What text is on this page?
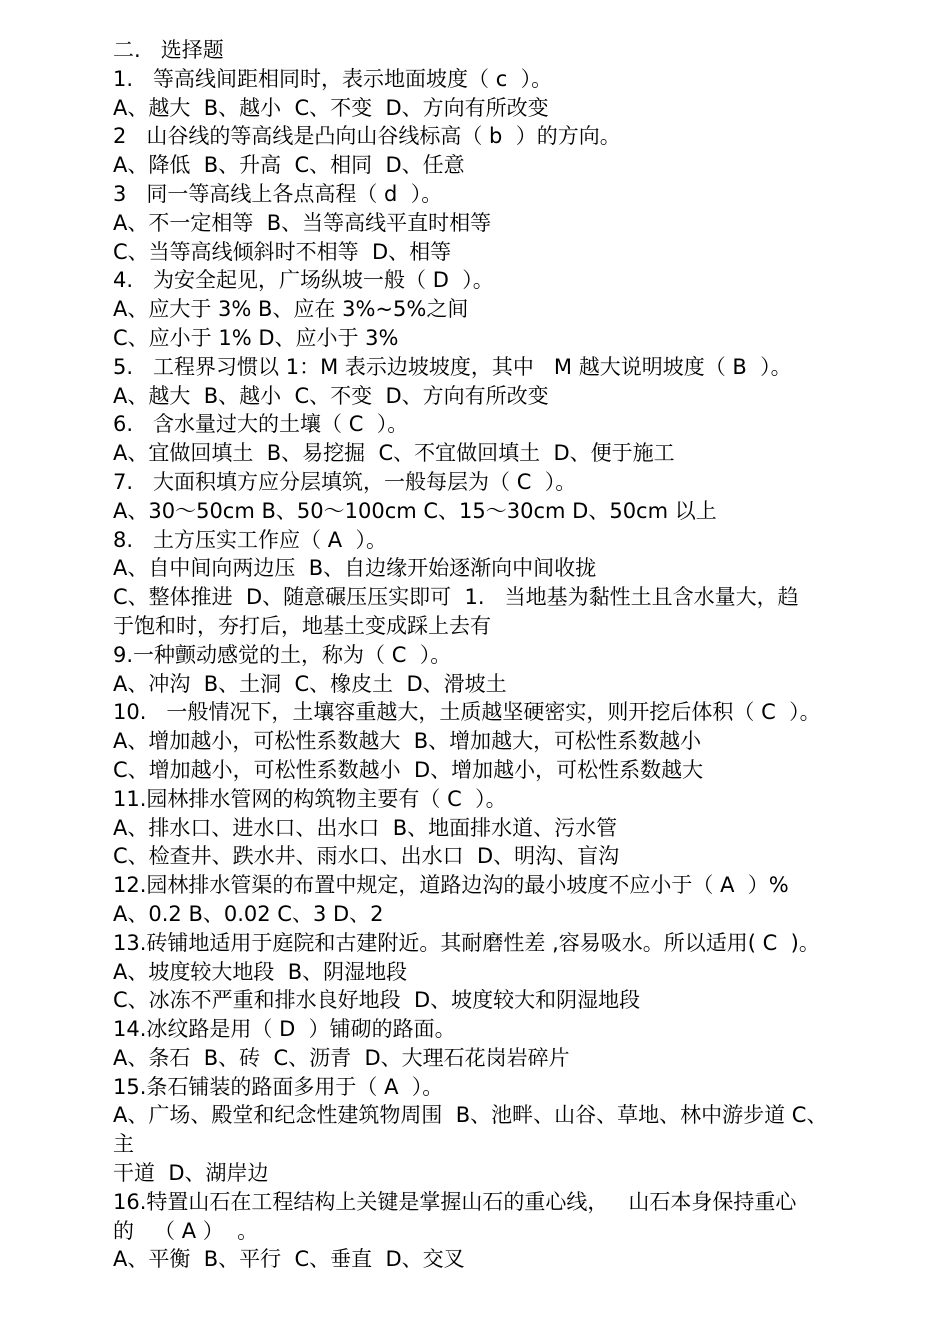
二.   选择题
1.   等高线间距相同时，表示地面坡度（ c  ）。
A、越大  B、越小  C、不变  D、方向有所改变
2   山谷线的等高线是凸向山谷线标高（ b  ）的方向。
A、降低  B、升高  C、相同  D、任意
3   同一等高线上各点高程（ d  ）。
A、不一定相等  B、当等高线平直时相等
C、当等高线倾斜时不相等  D、相等
4.   为安全起见，广场纵坡一般（ D  ）。
A、应大于 3% B、应在 3%~5%之间
C、应小于 1% D、应小于 3%
5.   工程界习惯以 1：M 表示边坡坡度，其中   M 越大说明坡度（ B  ）。
A、越大  B、越小  C、不变  D、方向有所改变
6.   含水量过大的土壤（ C  ）。
A、宜做回填土  B、易挖掘  C、不宜做回填土  D、便于施工
7.   大面积填方应分层填筑，一般每层为（ C  ）。
A、30～50cm B、50～100cm C、15～30cm D、50cm 以上
8.   土方压实工作应（ A  ）。
A、自中间向两边压  B、自边缘开始逐渐向中间收拢
C、整体推进  D、随意碾压压实即可  1.   当地基为黏性土且含水量大，趋
于饱和时，夯打后，地基土变成踩上去有
9.一种颤动感觉的土，称为（ C  ）。
A、冲沟  B、土洞  C、橡皮土  D、滑坡土
10.   一般情况下，土壤容重越大，土质越坚硬密实，则开挖后体积（ C  ）。
A、增加越小，可松性系数越大  B、增加越大，可松性系数越小
C、增加越小，可松性系数越小  D、增加越小，可松性系数越大
11.园林排水管网的构筑物主要有（ C  ）。
A、排水口、进水口、出水口  B、地面排水道、污水管
C、检查井、跌水井、雨水口、出水口  D、明沟、盲沟
12.园林排水管渠的布置中规定，道路边沟的最小坡度不应小于（ A  ）%
A、0.2 B、0.02 C、3 D、2
13.砖铺地适用于庭院和古建附近。其耐磨性差 ,容易吸水。所以适用( C  )。
A、坡度较大地段  B、阴湿地段
C、冰冻不严重和排水良好地段  D、坡度较大和阴湿地段
14.冰纹路是用（ D  ）铺砌的路面。
A、条石  B、砖  C、沥青  D、大理石花岗岩碎片
15.条石铺装的路面多用于（ A  ）。
A、广场、殿堂和纪念性建筑物周围  B、池畔、山谷、草地、林中游步道 C、
主
干道  D、湖岸边
16.特置山石在工程结构上关键是掌握山石的重心线，   山石本身保持重心
的   （ A ）  。
A、平衡  B、平行  C、垂直  D、交叉
